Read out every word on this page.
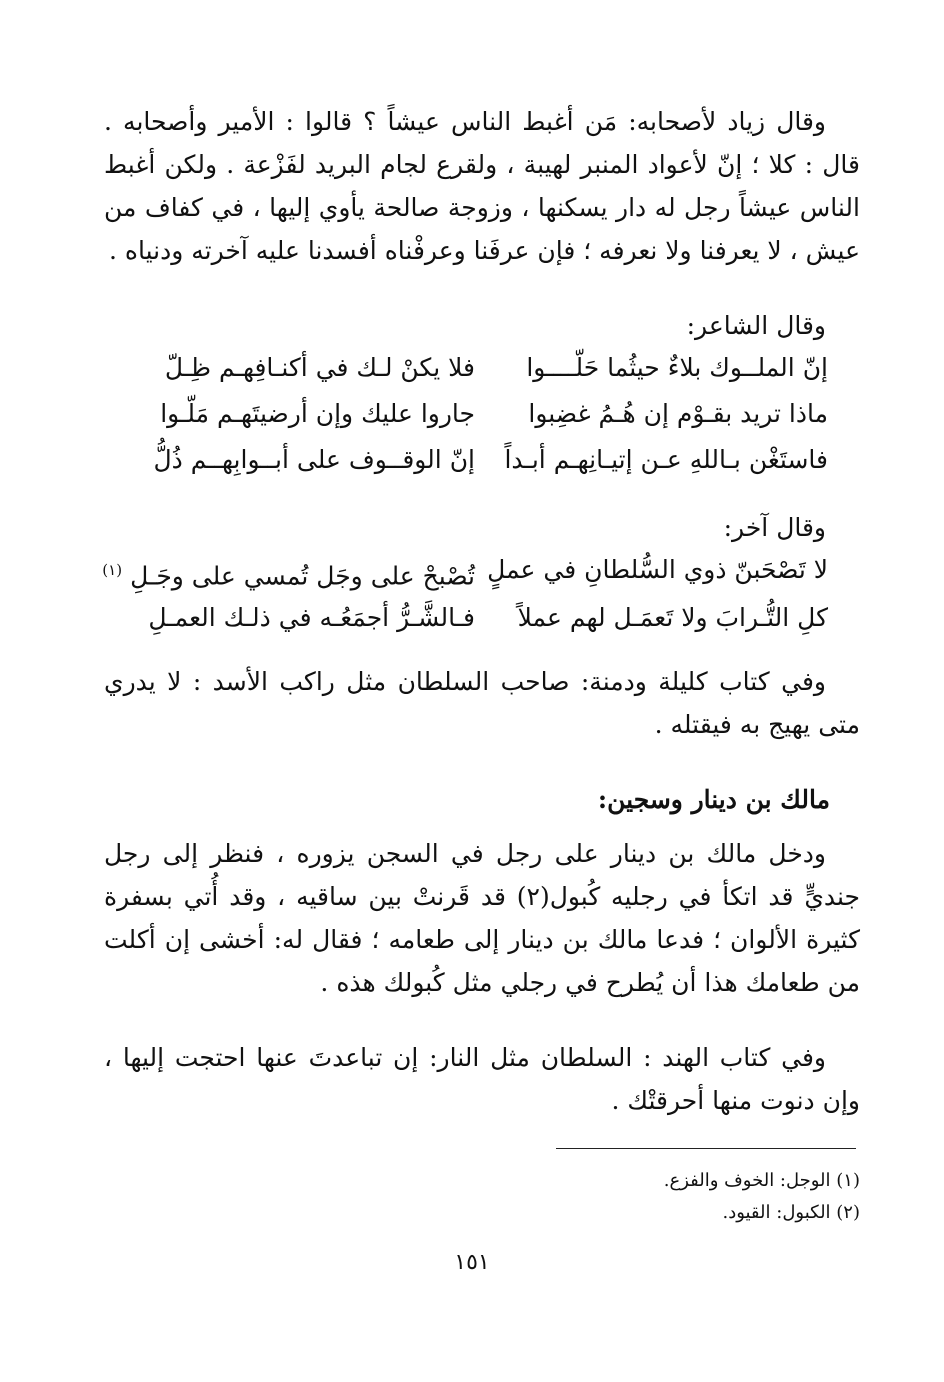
وقال زياد لأصحابه: مَن أغبط الناس عيشاً ؟ قالوا : الأمير وأصحابه . قال : كلا ؛ إنّ لأعواد المنبر لهيبة ، ولقرع لجام البريد لفَزْعة . ولكن أغبط الناس عيشاً رجل له دار يسكنها ، وزوجة صالحة يأوي إليها ، في كفاف من عيش ، لا يعرفنا ولا نعرفه ؛ فإن عرفَنا وعرفْناه أفسدنا عليه آخرته ودنياه .
وقال الشاعر:
إنّ الملــوك بلاءٌ حيثُما حَلّــــوا
فلا يكنْ لـك في أكنـافِهـم ظِـلّ
ماذا تريد بقـوْم إن هُـمُ غضِبوا
جاروا عليك وإن أرضيتَهـم مَلّـوا
فاستَغْن بـاللهِ عـن إتيـانِهـم أبـداً
إنّ الوقــوف على أبــوابِهــم ذُلُّ
وقال آخر:
لا تَصْحَبنّ ذوي السُّلطانِ في عملٍ
تُصْبحْ على وجَل تُمسي على وجَـلِ$^{(١)}$
كلِ التُّـرابَ ولا تَعمَـل لهم عملاً
فـالشَّـرُّ أجمَعُـه في ذلـك العمـلِ
وفي كتاب كليلة ودمنة: صاحب السلطان مثل راكب الأسد : لا يدري متى يهيج به فيقتله .
مالك بن دينار وسجين:
ودخل مالك بن دينار على رجل في السجن يزوره ، فنظر إلى رجل جنديٍّ قد اتكأ في رجليه كُبول(٢) قد قَرنتْ بين ساقيه ، وقد أُتي بسفرة كثيرة الألوان ؛ فدعا مالك بن دينار إلى طعامه ؛ فقال له: أخشى إن أكلت من طعامك هذا أن يُطرح في رجلي مثل كُبولك هذه .
وفي كتاب الهند : السلطان مثل النار: إن تباعدتَ عنها احتجت إليها ، وإن دنوت منها أحرقتْك .
(١) الوجل: الخوف والفزع.
(٢) الكبول: القيود.
١٥١
